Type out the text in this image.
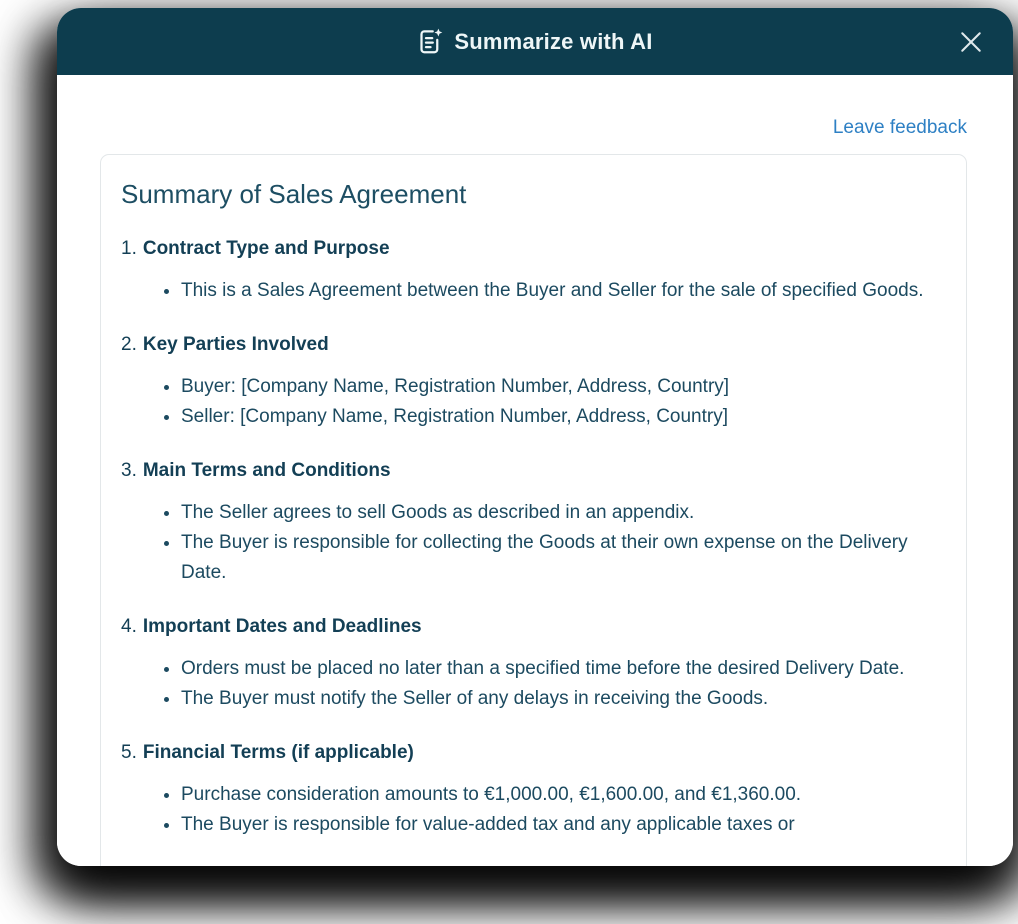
Summarize with AI
Leave feedback
Summary of Sales Agreement
1. Contract Type and Purpose
• This is a Sales Agreement between the Buyer and Seller for the sale of specified Goods.
2. Key Parties Involved
• Buyer: [Company Name, Registration Number, Address, Country]
• Seller: [Company Name, Registration Number, Address, Country]
3. Main Terms and Conditions
• The Seller agrees to sell Goods as described in an appendix.
• The Buyer is responsible for collecting the Goods at their own expense on the Delivery Date.
4. Important Dates and Deadlines
• Orders must be placed no later than a specified time before the desired Delivery Date.
• The Buyer must notify the Seller of any delays in receiving the Goods.
5. Financial Terms (if applicable)
• Purchase consideration amounts to €1,000.00, €1,600.00, and €1,360.00.
• The Buyer is responsible for value-added tax and any applicable taxes or
